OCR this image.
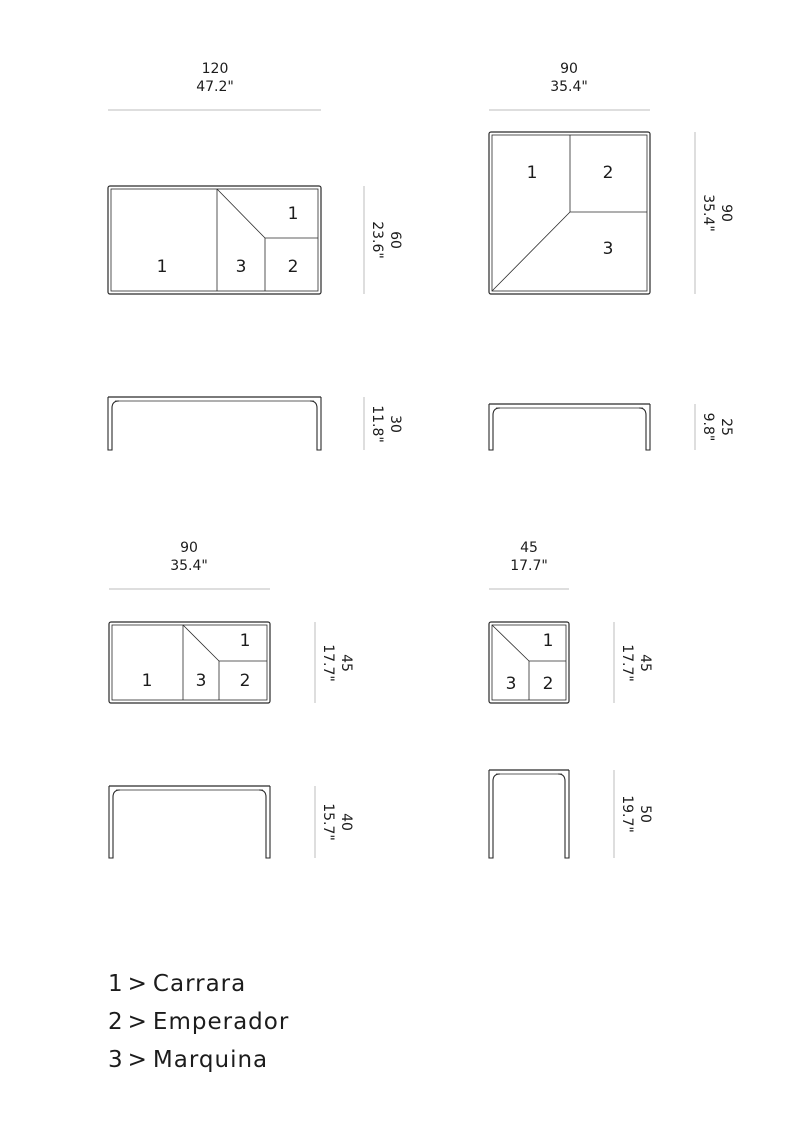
120
47.2"
1	3 2
1
60
23.6"
30
11.8"
90
35.4"
1	2
3
90
35.4"
25
9.8"
90
35.4"
1	3 2
1
45
17.7"
40
15.7"
45
17.7"
3 2
1
45
17.7"
50
19.7"
1 > Carrara
2 > Emperador
3 > Marquina
